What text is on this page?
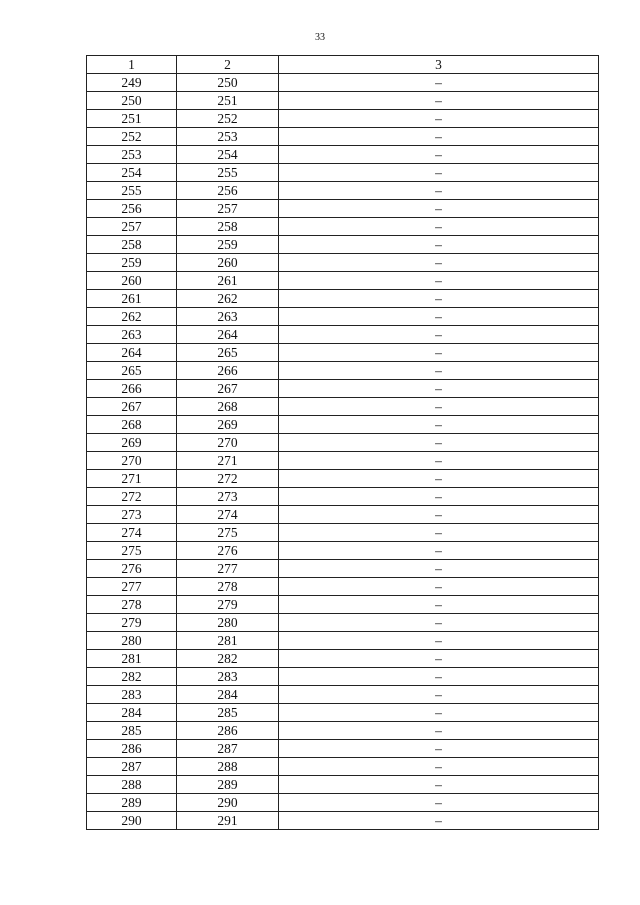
33
1	2	3
249	250	–
250	251	–
251	252	–
252	253	–
253	254	–
254	255	–
255	256	–
256	257	–
257	258	–
258	259	–
259	260	–
260	261	–
261	262	–
262	263	–
263	264	–
264	265	–
265	266	–
266	267	–
267	268	–
268	269	–
269	270	–
270	271	–
271	272	–
272	273	–
273	274	–
274	275	–
275	276	–
276	277	–
277	278	–
278	279	–
279	280	–
280	281	–
281	282	–
282	283	–
283	284	–
284	285	–
285	286	–
286	287	–
287	288	–
288	289	–
289	290	–
290	291	–
